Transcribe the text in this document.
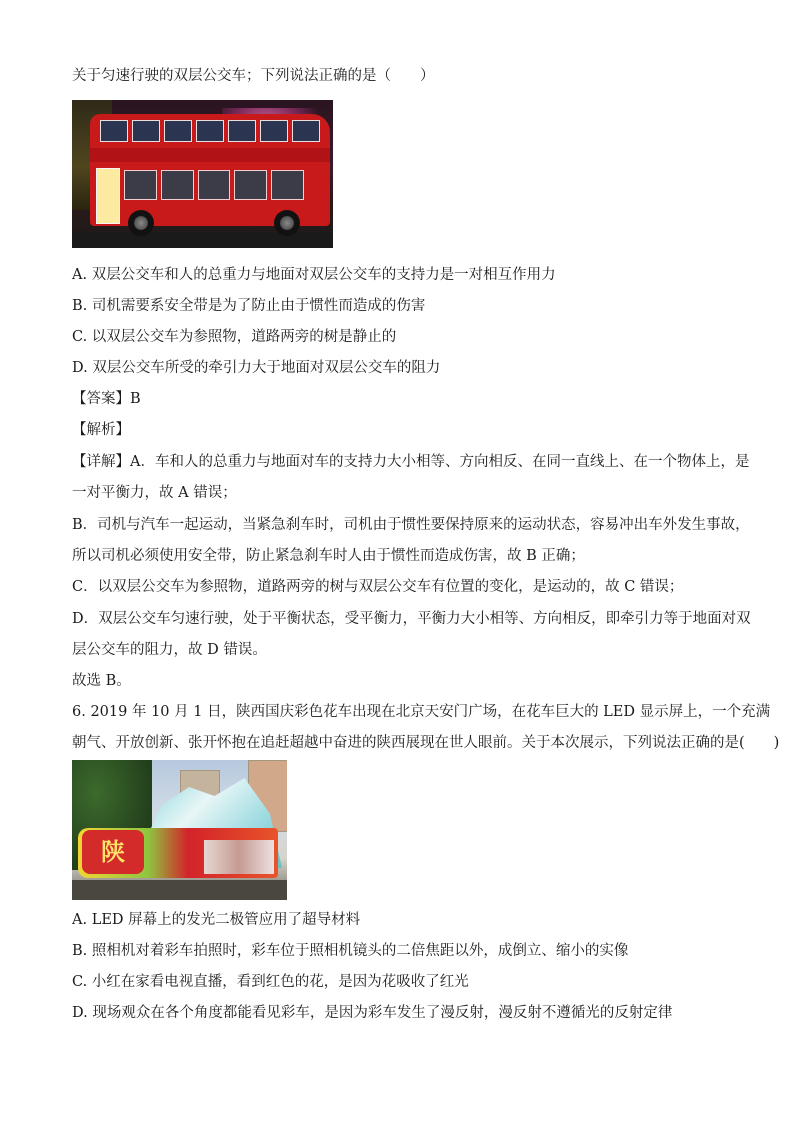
关于匀速行驶的双层公交车；下列说法正确的是（　　）
A. 双层公交车和人的总重力与地面对双层公交车的支持力是一对相互作用力
B. 司机需要系安全带是为了防止由于惯性而造成的伤害
C. 以双层公交车为参照物，道路两旁的树是静止的
D. 双层公交车所受的牵引力大于地面对双层公交车的阻力
【答案】B
【解析】
【详解】A．车和人的总重力与地面对车的支持力大小相等、方向相反、在同一直线上、在一个物体上，是
一对平衡力，故 A 错误；
B．司机与汽车一起运动，当紧急刹车时，司机由于惯性要保持原来的运动状态，容易冲出车外发生事故，
所以司机必须使用安全带，防止紧急刹车时人由于惯性而造成伤害，故 B 正确；
C．以双层公交车为参照物，道路两旁的树与双层公交车有位置的变化，是运动的，故 C 错误；
D．双层公交车匀速行驶，处于平衡状态，受平衡力，平衡力大小相等、方向相反，即牵引力等于地面对双
层公交车的阻力，故 D 错误。
故选 B。
6. 2019 年 10 月 1 日，陕西国庆彩色花车出现在北京天安门广场，在花车巨大的 LED 显示屏上，一个充满
朝气、开放创新、张开怀抱在追赶超越中奋进的陕西展现在世人眼前。关于本次展示，下列说法正确的是(　　)
陕
A. LED 屏幕上的发光二极管应用了超导材料
B. 照相机对着彩车拍照时，彩车位于照相机镜头的二倍焦距以外，成倒立、缩小的实像
C. 小红在家看电视直播，看到红色的花，是因为花吸收了红光
D. 现场观众在各个角度都能看见彩车，是因为彩车发生了漫反射，漫反射不遵循光的反射定律
